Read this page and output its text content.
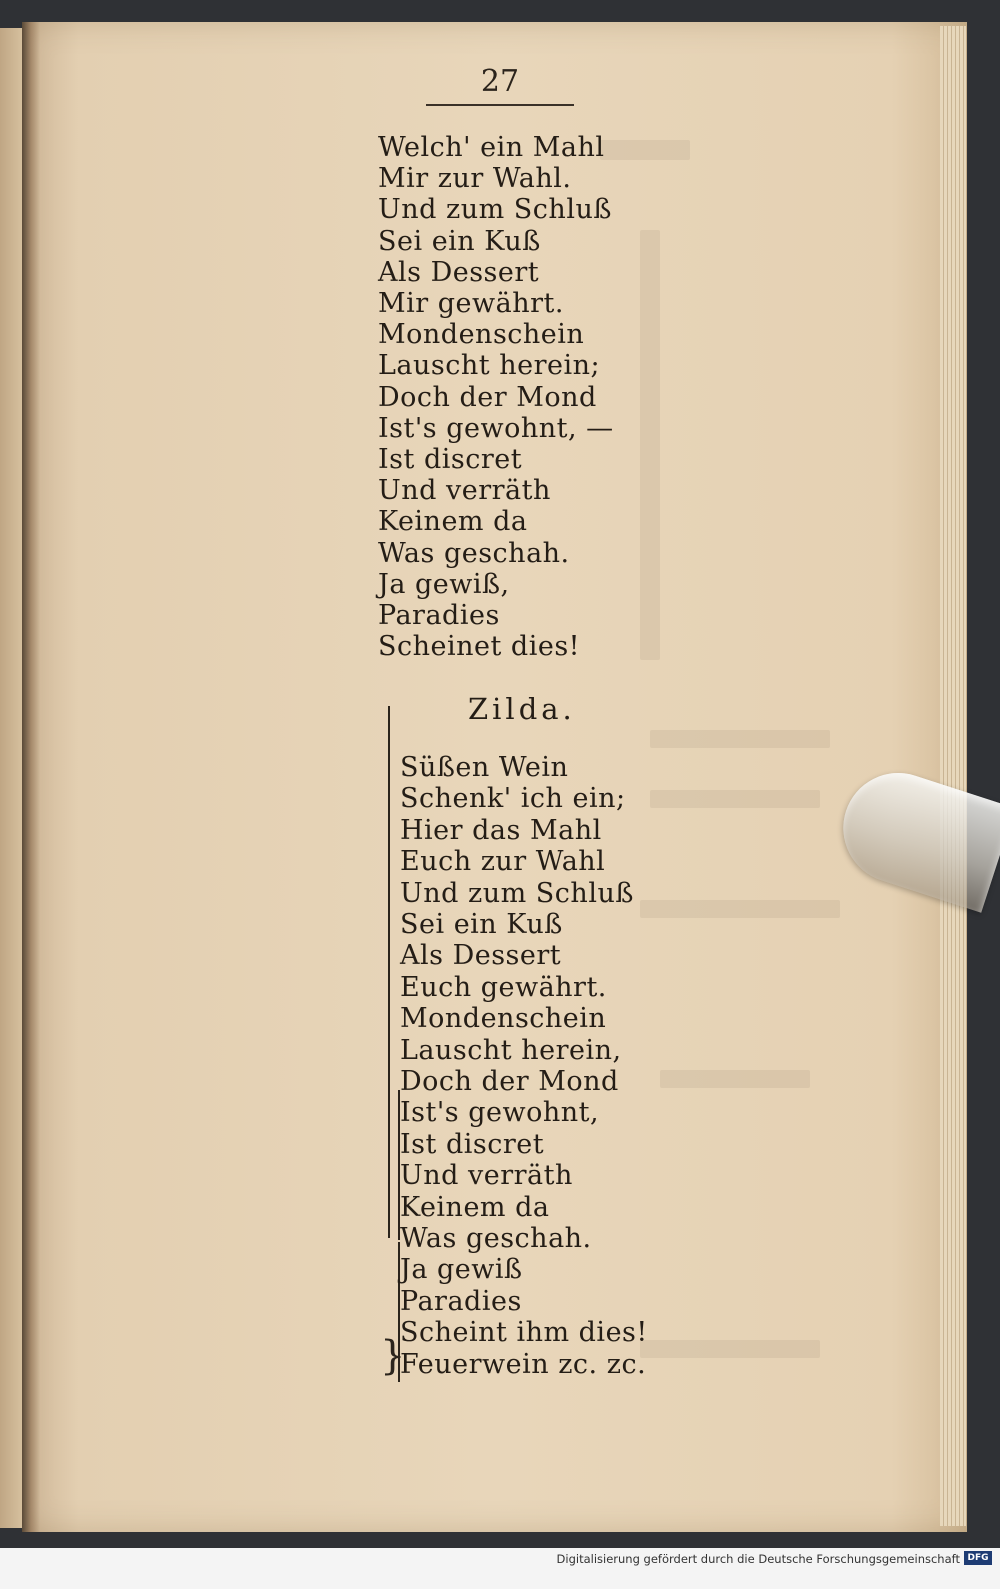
27
Welch' ein Mahl
Mir zur Wahl.
Und zum Schluß
Sei ein Kuß
Als Dessert
Mir gewährt.
Mondenschein
Lauscht herein;
Doch der Mond
Ist's gewohnt, —
Ist discret
Und verräth
Keinem da
Was geschah.
Ja gewiß,
Paradies
Scheinet dies!
Zilda.
}
Süßen Wein
Schenk' ich ein;
Hier das Mahl
Euch zur Wahl
Und zum Schluß
Sei ein Kuß
Als Dessert
Euch gewährt.
Mondenschein
Lauscht herein,
Doch der Mond
Ist's gewohnt,
Ist discret
Und verräth
Keinem da
Was geschah.
Ja gewiß
Paradies
Scheint ihm dies!
Feuerwein zc. zc.
Digitalisierung gefördert durch die Deutsche Forschungsgemeinschaft DFG
